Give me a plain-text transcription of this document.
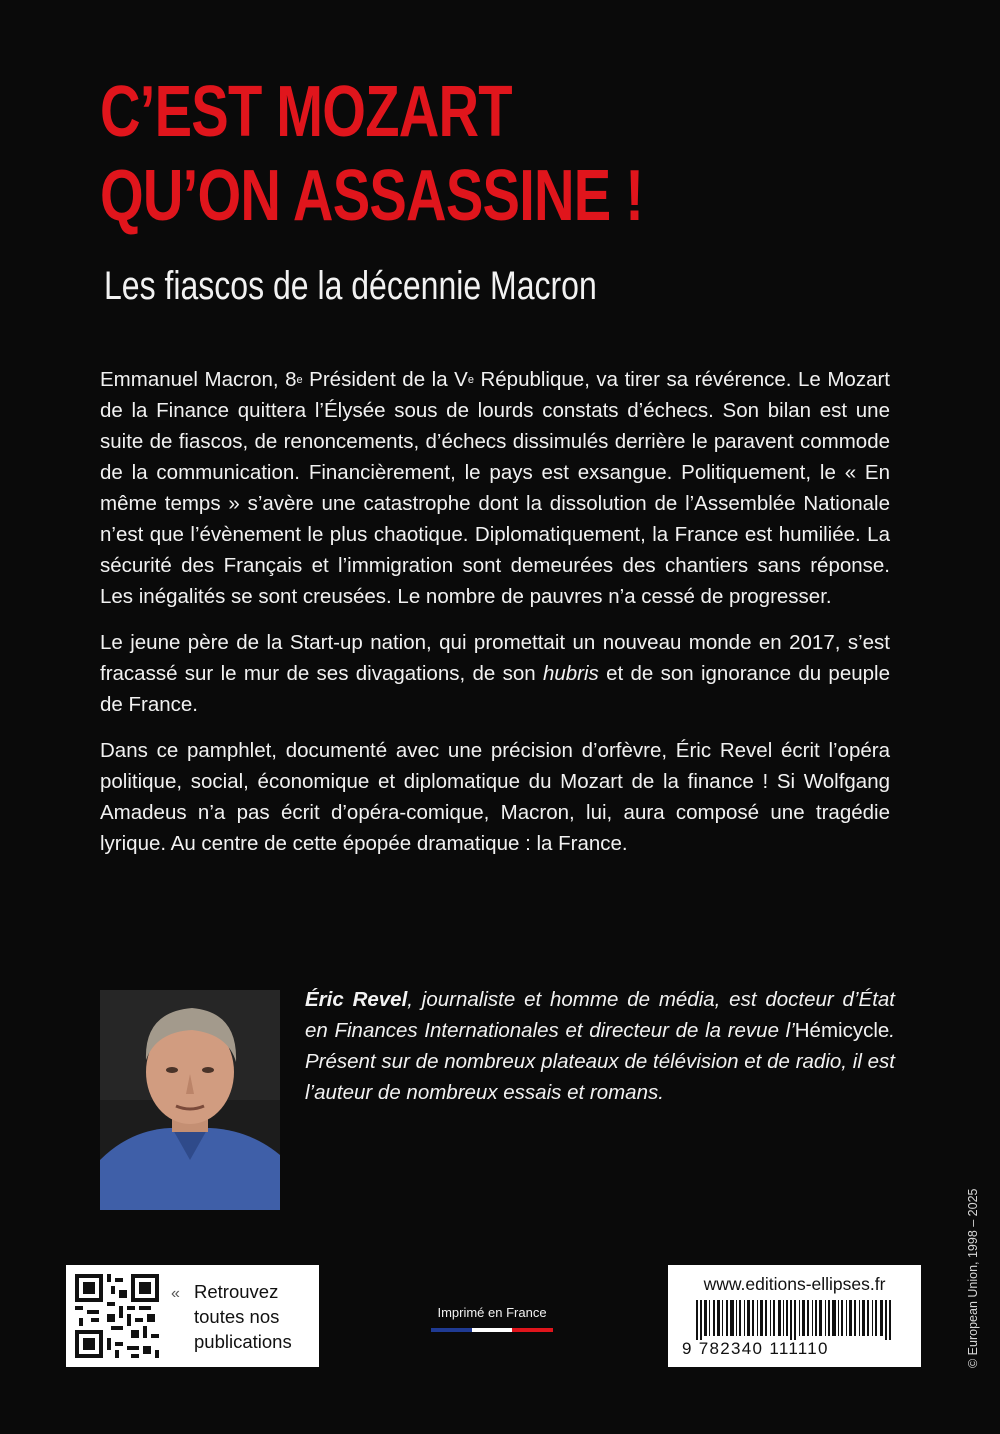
C’EST MOZART
QU’ON ASSASSINE !
Les fiascos de la décennie Macron

Emmanuel Macron, 8e Président de la Ve République, va tirer sa révérence. Le Mozart de la Finance quittera l’Élysée sous de lourds constats d’échecs. Son bilan est une suite de fiascos, de renoncements, d’échecs dissimulés derrière le paravent commode de la communication. Financièrement, le pays est exsangue. Politiquement, le « En même temps » s’avère une catastrophe dont la dissolution de l’Assemblée Nationale n’est que l’évènement le plus chaotique. Diplomatiquement, la France est humiliée. La sécurité des Français et l’immigration sont demeurées des chantiers sans réponse. Les inégalités se sont creusées. Le nombre de pauvres n’a cessé de progresser.

Le jeune père de la Start-up nation, qui promettait un nouveau monde en 2017, s’est fracassé sur le mur de ses divagations, de son hubris et de son ignorance du peuple de France.

Dans ce pamphlet, documenté avec une précision d’orfèvre, Éric Revel écrit l’opéra politique, social, économique et diplomatique du Mozart de la finance ! Si Wolfgang Amadeus n’a pas écrit d’opéra-comique, Macron, lui, aura composé une tragédie lyrique. Au centre de cette épopée dramatique : la France.

Éric Revel, journaliste et homme de média, est docteur d’État en Finances Internationales et directeur de la revue l’Hémicycle. Présent sur de nombreux plateaux de télévision et de radio, il est l’auteur de nombreux essais et romans.
« Retrouvez
toutes nos
publications
Imprimé en France
www.editions-ellipses.fr
9 782340 111110	© European Union, 1998 – 2025
